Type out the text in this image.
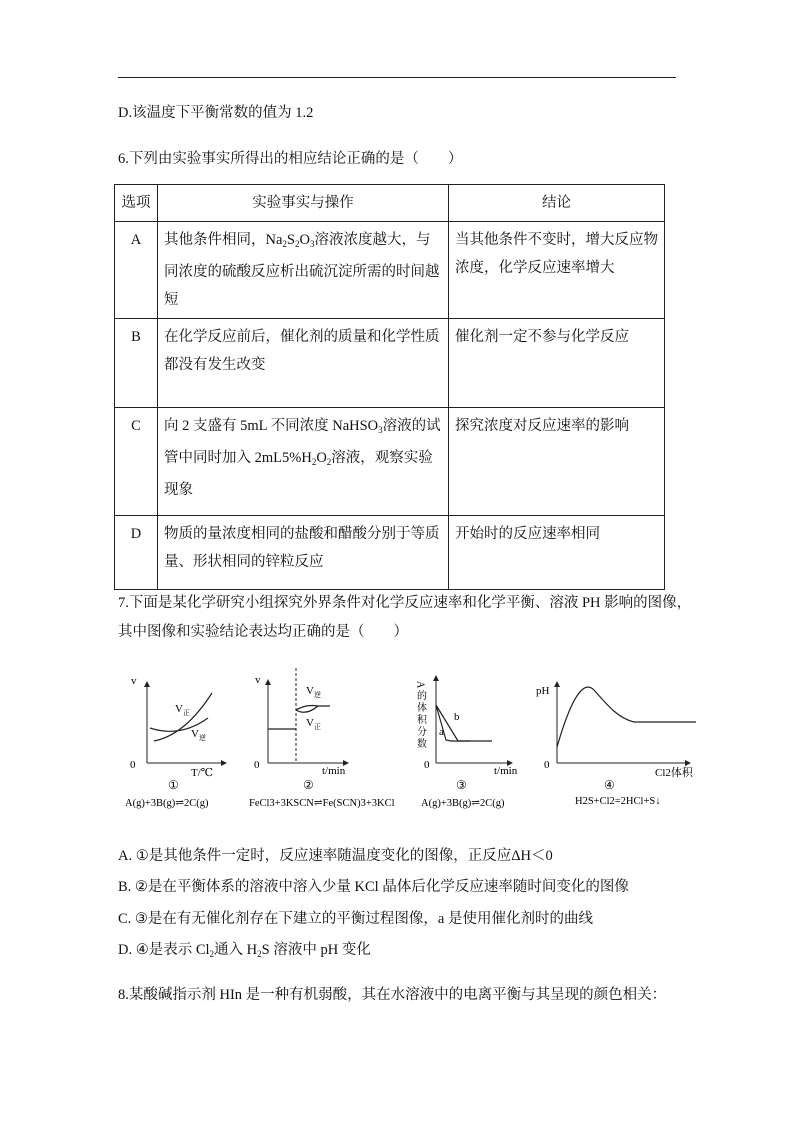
D.该温度下平衡常数的值为 1.2
6.下列由实验事实所得出的相应结论正确的是（　　）
选项	实验事实与操作	结论
A	其他条件相同，$Na_2S_2O_3$溶液浓度越大，与同浓度的硫酸反应析出硫沉淀所需的时间越短	当其他条件不变时，增大反应物浓度，化学反应速率增大
B	在化学反应前后，催化剂的质量和化学性质都没有发生改变	催化剂一定不参与化学反应
C	向 2 支盛有 5mL 不同浓度 NaHSO$_3$溶液的试管中同时加入 $2mL5\%H_2O_2$溶液，观察实验现象	探究浓度对反应速率的影响
D	物质的量浓度相同的盐酸和醋酸分别于等质量、形状相同的锌粒反应	开始时的反应速率相同
7.下面是某化学研究小组探究外界条件对化学反应速率和化学平衡、溶液 PH 影响的图像，
其中图像和实验结论表达均正确的是（　　）
v
0
T/℃
$V_正$
$V_逆$
①
A(g)+3B(g)⇌2C(g)
v
0	t/min
$V_逆$
$V_正$
②
FeCl3+3KSCN⇌Fe(SCN)3+3KCl
A的体积分数
0	t/min
a
b
③
A(g)+3B(g)⇌2C(g)
pH
0
Cl2体积
④
H2S+Cl2=2HCl+S↓
A. ①是其他条件一定时，反应速率随温度变化的图像，正反应ΔH＜0
B. ②是在平衡体系的溶液中溶入少量 KCl 晶体后化学反应速率随时间变化的图像
C. ③是在有无催化剂存在下建立的平衡过程图像，a 是使用催化剂时的曲线
D. ④是表示 $Cl_2$通入 $H_2S$ 溶液中 pH 变化
8.某酸碱指示剂 HIn 是一种有机弱酸，其在水溶液中的电离平衡与其呈现的颜色相关：
